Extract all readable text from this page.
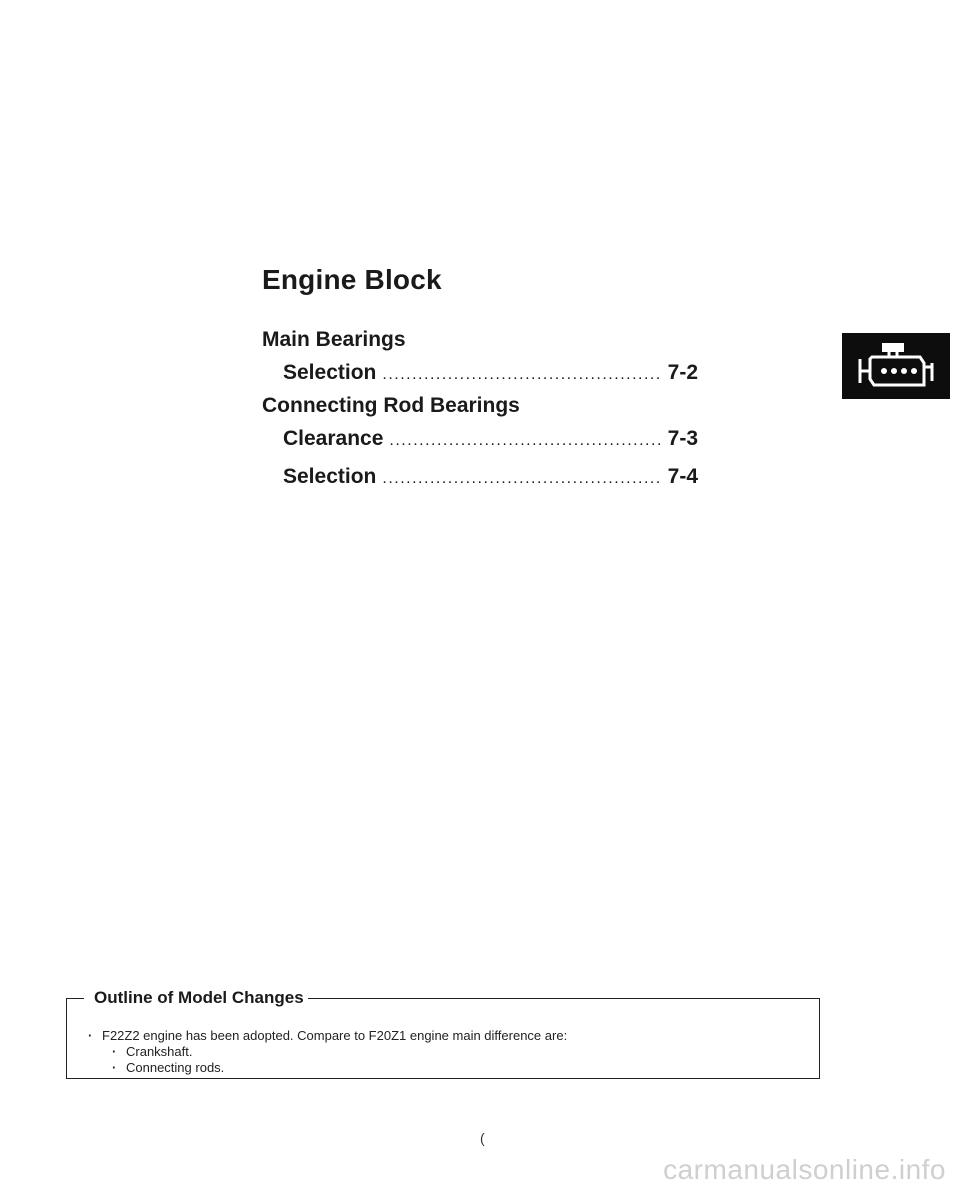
Engine Block
Main Bearings
Selection .....	7-2
Connecting Rod Bearings
Clearance .....	7-3
Selection .....	7-4
Outline of Model Changes
· F22Z2 engine has been adopted. Compare to F20Z1 engine main difference are:
· Crankshaft.
· Connecting rods.
(
carmanualsonline.info
